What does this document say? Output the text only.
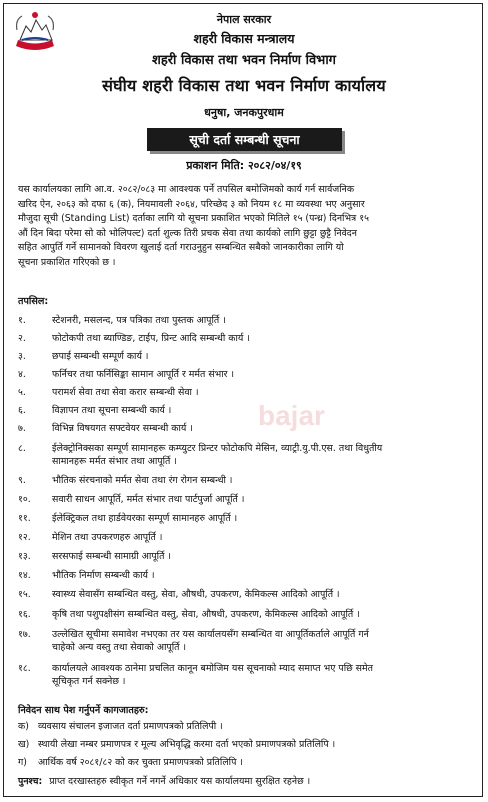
नेपाल सरकार
शहरी विकास मन्त्रालय
शहरी विकास तथा भवन निर्माण विभाग
संघीय शहरी विकास तथा भवन निर्माण कार्यालय
धनुषा, जनकपुरधाम
सूची दर्ता सम्बन्धी सूचना
प्रकाशन मिति: २०८२/०४/१९
यस कार्यालयका लागि आ.व. २०८२/०८३ मा आवश्यक पर्ने तपसिल बमोजिमको कार्य गर्न सार्वजनिक
खरिद ऐन, २०६३ को दफा ६ (क), नियमावली २०६४, परिच्छेद ३ को नियम १८ मा व्यवस्था भए अनुसार
मौजुदा सूची (Standing List) दर्ताका लागि यो सूचना प्रकाशित भएको मितिले १५ (पन्ध्र) दिनभित्र १५
औं दिन बिदा परेमा सो को भोलिपल्ट) दर्ता शुल्क तिरी प्रचक सेवा तथा कार्यको लागि छुट्टा छुट्टै निवेदन
सहित आपुर्ति गर्ने सामानको विवरण खुलाई दर्ता गराउनुहुन सम्बन्धित सबैको जानकारीका लागि यो
सूचना प्रकाशित गरिएको छ ।
तपसिल:
१.	स्टेशनरी, मसलन्द, पत्र पत्रिका तथा पुस्तक आपूर्ति ।
२.	फोटोकपी तथा ब्याण्डिङ, टाईप, प्रिन्ट आदि सम्बन्धी कार्य ।
३.	छपाई सम्बन्धी सम्पूर्ण कार्य ।
४.	फर्निचर तथा फर्निसिङ्का सामान आपूर्ति र मर्मत संभार ।
५.	परामर्श सेवा तथा सेवा करार सम्बन्धी सेवा ।
६.	विज्ञापन तथा सूचना सम्बन्धी कार्य ।
७.	विभिन्न विषयगत सफ्टवेयर सम्बन्धी कार्य ।
८.	ईलेक्ट्रोनिक्सका सम्पूर्ण सामानहरू कम्प्युटर प्रिन्टर फोटोकपि मेसिन, व्याट्री.यु.पी.एस. तथा विधुतीय
सामानहरू मर्मत संभार तथा आपूर्ति ।
९.	भौतिक संरचनाको मर्मत सेवा तथा रंग रोगन सम्बन्धी ।
१०. सवारी साधन आपूर्ति, मर्मत संभार तथा पार्टपुर्जा आपूर्ति ।
११. ईलेक्ट्रिकल तथा हार्डवेयरका सम्पूर्ण सामानहरु आपूर्ति ।
१२. मेशिन तथा उपकरणहरु आपूर्ति ।
१३. सरसफाई सम्बन्धी सामाग्री आपूर्ति ।
१४. भौतिक निर्माण सम्बन्धी कार्य ।
१५. स्वास्थ्य सेवासँग सम्बन्धित वस्तु, सेवा, औषधी, उपकरण, केमिकल्स आदिको आपूर्ति ।
१६. कृषि तथा पशुपक्षीसंग सम्बन्धित वस्तु, सेवा, औषधी, उपकरण, केमिकल्स आदिको आपूर्ति ।
१७. उल्लेखित सूचीमा समावेश नभएका तर यस कार्यालयसँग सम्बन्धित वा आपूर्तिकर्ताले आपूर्ति गर्न
चाहेको अन्य वस्तु तथा सेवाको आपूर्ति ।
१८. कार्यालयले आवश्यक ठानेमा प्रचलित कानून बमोजिम यस सूचनाको म्याद समाप्त भए पछि समेत
सूचिकृत गर्न सक्नेछ ।
निवेदन साथ पेश गर्नुपर्ने कागजातहरु:
क) व्यवसाय संचालन इजाजत दर्ता प्रमाणपत्रको प्रतिलिपी ।
ख) स्थायी लेखा नम्बर प्रमाणपत्र र मूल्य अभिवृद्धि करमा दर्ता भएको प्रमाणपत्रको प्रतिलिपि ।
ग) आर्थिक वर्ष २०८१/८२ को कर चुक्ता प्रमाणपत्रको प्रतिलिपि ।
पुनश्च: प्राप्त दरखास्तहरु स्वीकृत गर्ने नगर्ने अधिकार यस कार्यालयमा सुरक्षित रहनेछ ।
bajar
